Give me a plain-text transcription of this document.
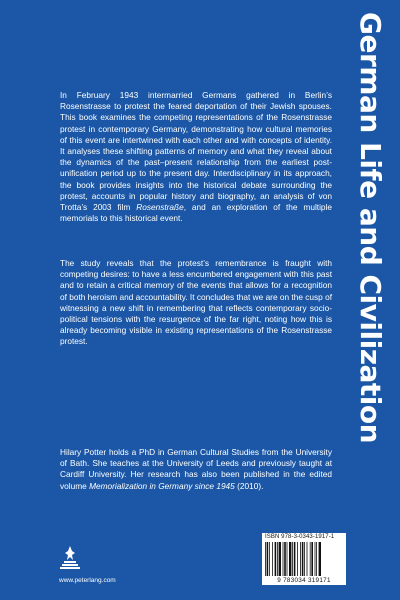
German Life and Civilization

In February 1943 intermarried Germans gathered in Berlin’s Rosenstrasse to protest the feared deportation of their Jewish spouses. This book examines the competing representations of the Rosenstrasse protest in contemporary Germany, demonstrating how cultural memories of this event are intertwined with each other and with concepts of identity. It analyses these shifting patterns of memory and what they reveal about the dynamics of the past–present relationship from the earliest post-unification period up to the present day. Interdisciplinary in its approach, the book provides insights into the historical debate surrounding the protest, accounts in popular history and biography, an analysis of von Trotta’s 2003 film Rosenstraße, and an exploration of the multiple memorials to this historical event.

The study reveals that the protest’s remembrance is fraught with competing desires: to have a less encumbered engagement with this past and to retain a critical memory of the events that allows for a recognition of both heroism and accountability. It concludes that we are on the cusp of witnessing a new shift in remembering that reflects contemporary socio-political tensions with the resurgence of the far right, noting how this is already becoming visible in existing representations of the Rosenstrasse protest.

Hilary Potter holds a PhD in German Cultural Studies from the University of Bath. She teaches at the University of Leeds and previously taught at Cardiff University. Her research has also been published in the edited volume Memorialization in Germany since 1945 (2010).

www.peterlang.com
ISBN 978-3-0343-1917-1
9 783034 319171
